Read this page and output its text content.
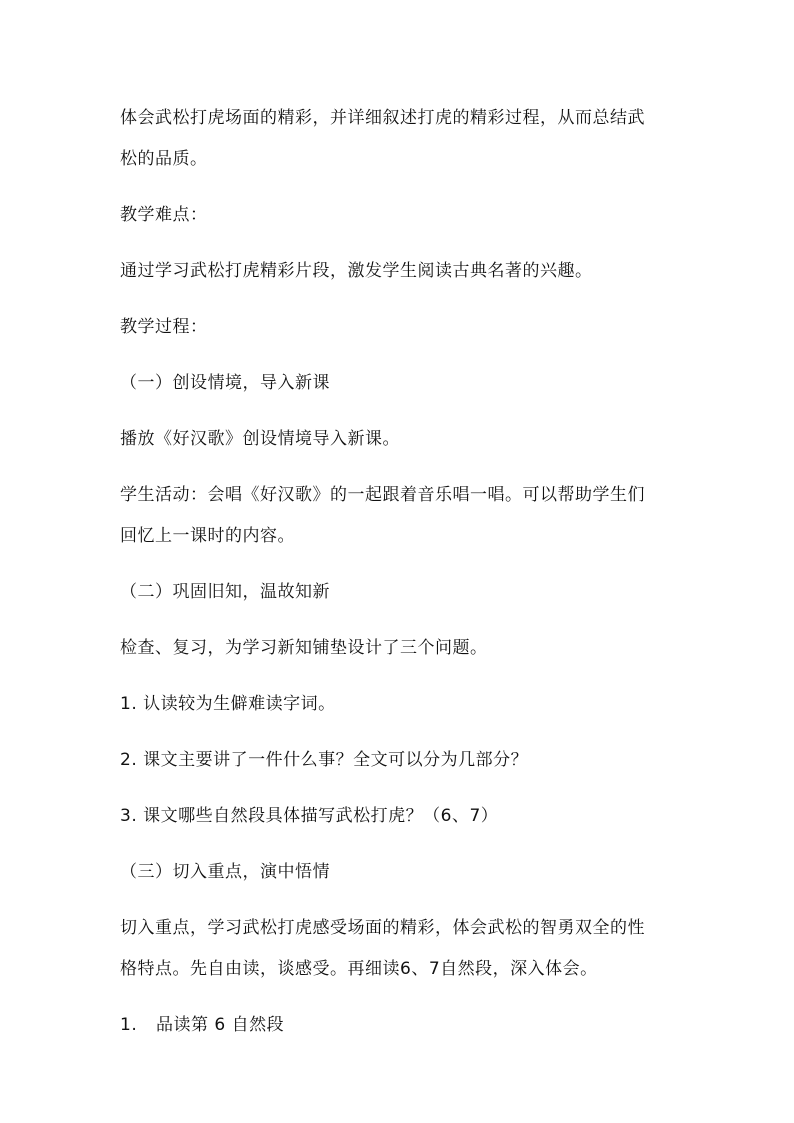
体会武松打虎场面的精彩，并详细叙述打虎的精彩过程，从而总结武
松的品质。
教学难点：
通过学习武松打虎精彩片段，激发学生阅读古典名著的兴趣。
教学过程：
（一）创设情境，导入新课
播放《好汉歌》创设情境导入新课。
学生活动：会唱《好汉歌》的一起跟着音乐唱一唱。可以帮助学生们
回忆上一课时的内容。
（二）巩固旧知，温故知新
检查、复习，为学习新知铺垫设计了三个问题。
1. 认读较为生僻难读字词。
2. 课文主要讲了一件什么事？全文可以分为几部分？
3. 课文哪些自然段具体描写武松打虎？（6、7）
（三）切入重点，演中悟情
切入重点，学习武松打虎感受场面的精彩，体会武松的智勇双全的性
格特点。先自由读，谈感受。再细读6、7自然段，深入体会。
1. 品读第 6 自然段
